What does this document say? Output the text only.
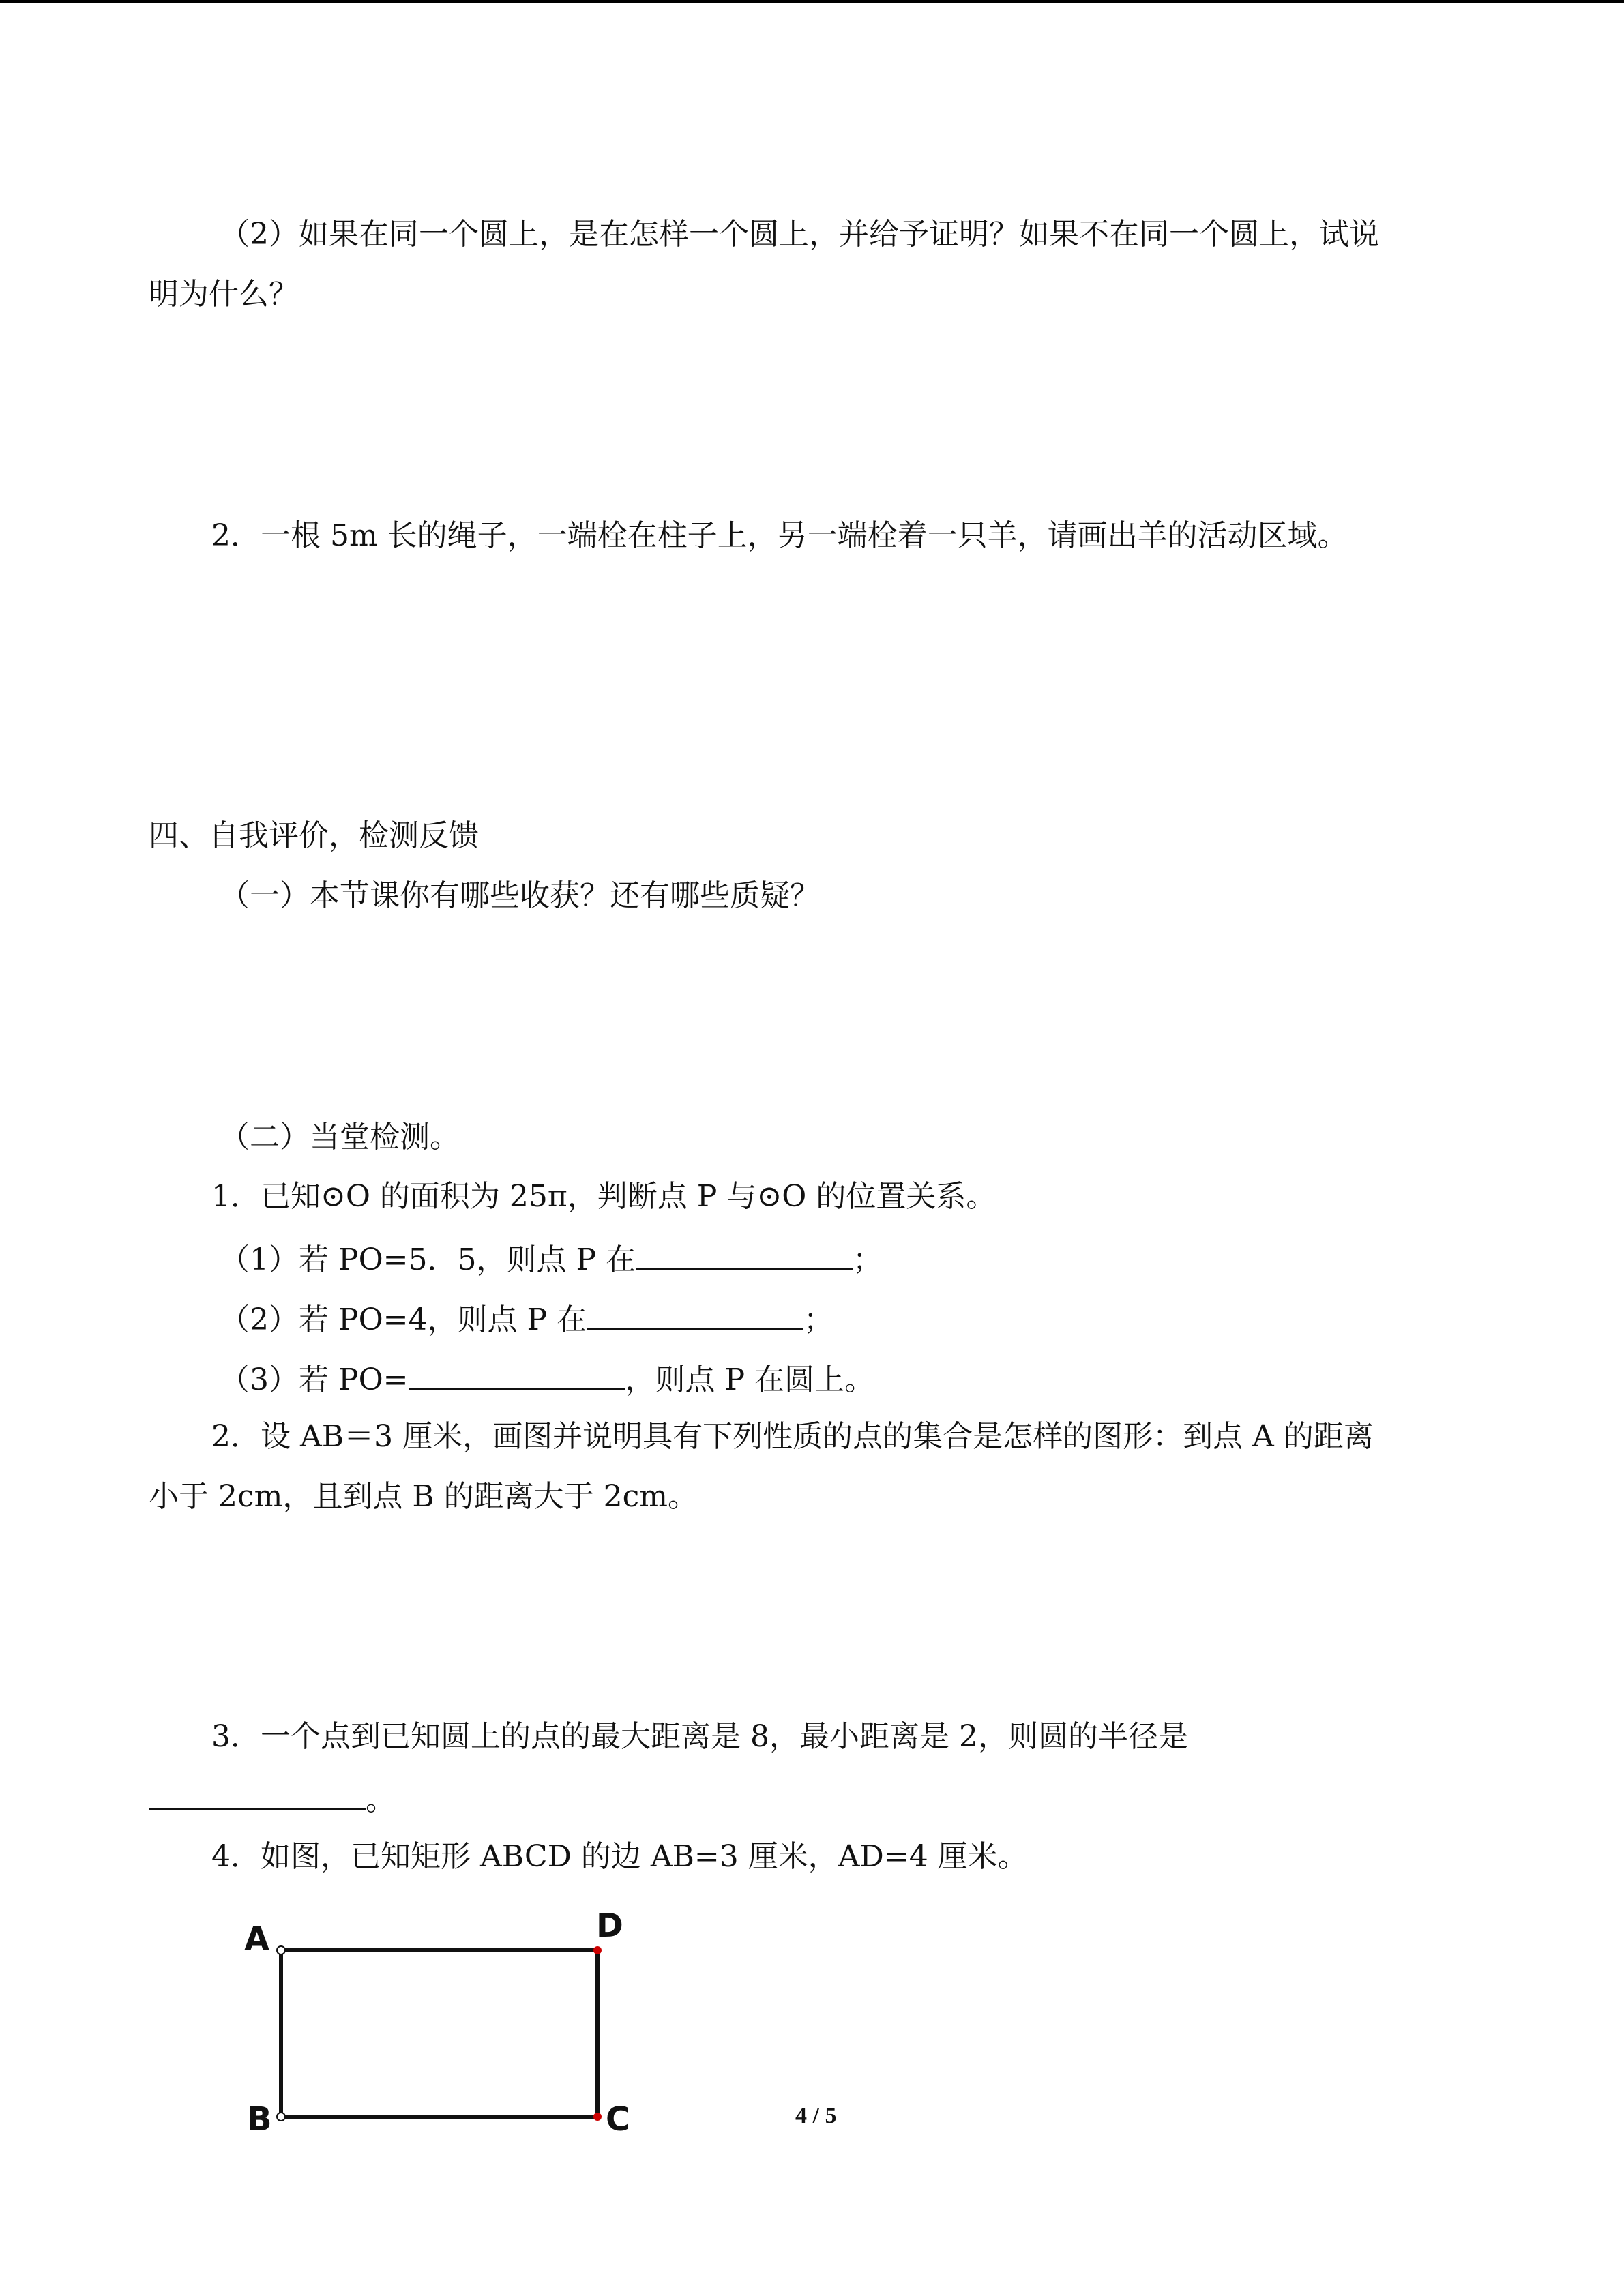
（2）如果在同一个圆上，是在怎样一个圆上，并给予证明？如果不在同一个圆上，试说
明为什么？
2．一根 5m 长的绳子，一端栓在柱子上，另一端栓着一只羊，请画出羊的活动区域。
四、自我评价，检测反馈
（一）本节课你有哪些收获？还有哪些质疑？
（二）当堂检测。
1．已知⊙O 的面积为 25π，判断点 P 与⊙O 的位置关系。
（1）若 PO=5．5，则点 P 在	；
（2）若 PO=4，则点 P 在	；
（3）若 PO=	，则点 P 在圆上。
2．设 AB＝3 厘米，画图并说明具有下列性质的点的集合是怎样的图形：到点 A 的距离
小于 2cm，且到点 B 的距离大于 2cm。
3．一个点到已知圆上的点的最大距离是 8，最小距离是 2，则圆的半径是
。
4．如图，已知矩形 ABCD 的边 AB=3 厘米，AD=4 厘米。
A
B	C
D
4 / 5
